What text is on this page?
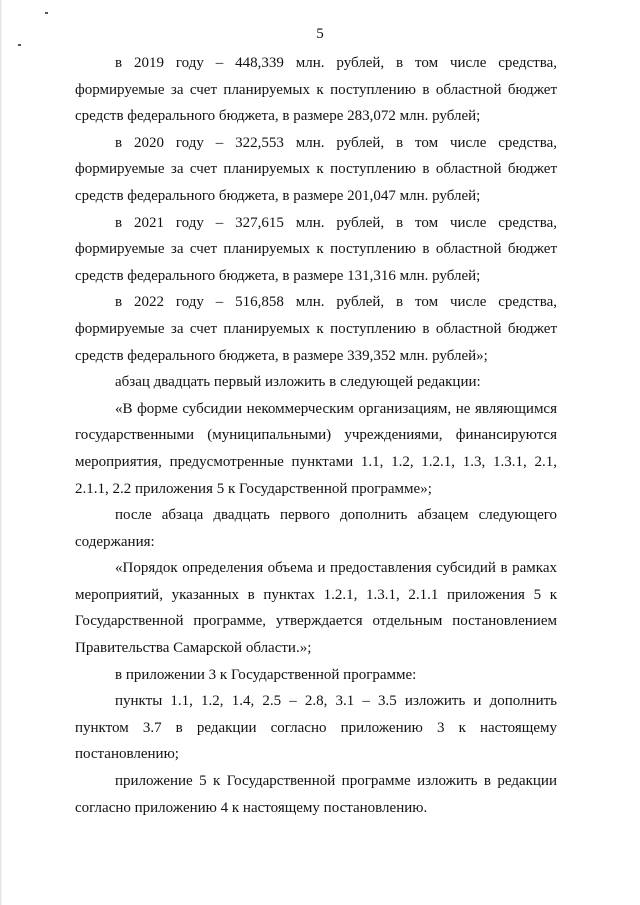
5

в 2019 году – 448,339 млн. рублей, в том числе средства, формируемые за счет планируемых к поступлению в областной бюджет средств федерального бюджета, в размере 283,072 млн. рублей;

в 2020 году – 322,553 млн. рублей, в том числе средства, формируемые за счет планируемых к поступлению в областной бюджет средств федерального бюджета, в размере 201,047 млн. рублей;

в 2021 году – 327,615 млн. рублей, в том числе средства, формируемые за счет планируемых к поступлению в областной бюджет средств федерального бюджета, в размере 131,316 млн. рублей;

в 2022 году – 516,858 млн. рублей, в том числе средства, формируемые за счет планируемых к поступлению в областной бюджет средств федерального бюджета, в размере 339,352 млн. рублей»;

абзац двадцать первый изложить в следующей редакции:

«В форме субсидии некоммерческим организациям, не являющимся государственными (муниципальными) учреждениями, финансируются мероприятия, предусмотренные пунктами 1.1, 1.2, 1.2.1, 1.3, 1.3.1, 2.1, 2.1.1, 2.2 приложения 5 к Государственной программе»;

после абзаца двадцать первого дополнить абзацем следующего содержания:

«Порядок определения объема и предоставления субсидий в рамках мероприятий, указанных в пунктах 1.2.1, 1.3.1, 2.1.1 приложения 5 к Государственной программе, утверждается отдельным постановлением Правительства Самарской области.»;

в приложении 3 к Государственной программе:

пункты 1.1, 1.2, 1.4, 2.5 – 2.8, 3.1 – 3.5 изложить и дополнить пунктом 3.7 в редакции согласно приложению 3 к настоящему постановлению;

приложение 5 к Государственной программе изложить в редакции согласно приложению 4 к настоящему постановлению.
